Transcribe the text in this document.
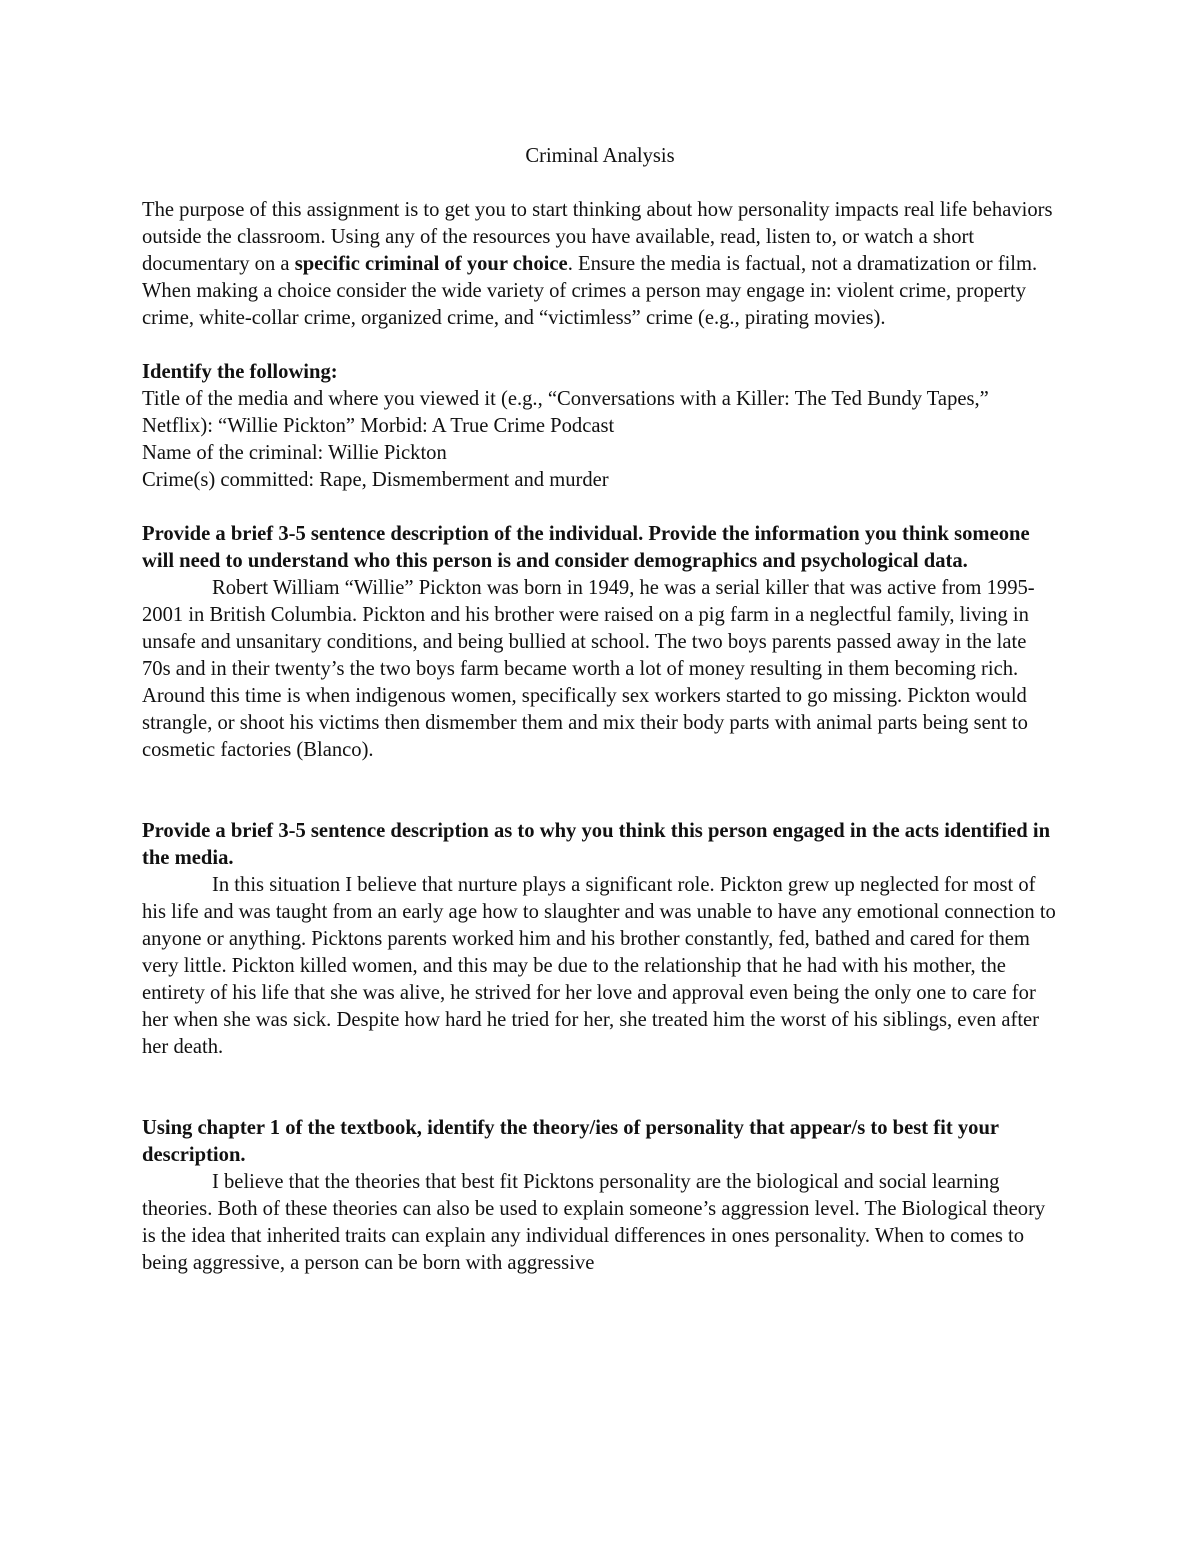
Criminal Analysis

The purpose of this assignment is to get you to start thinking about how personality impacts real life behaviors outside the classroom. Using any of the resources you have available, read, listen to, or watch a short documentary on a specific criminal of your choice. Ensure the media is factual, not a dramatization or film.

When making a choice consider the wide variety of crimes a person may engage in: violent crime, property crime, white-collar crime, organized crime, and “victimless” crime (e.g., pirating movies).

Identify the following:

Title of the media and where you viewed it (e.g., “Conversations with a Killer: The Ted Bundy Tapes,” Netflix): “Willie Pickton” Morbid: A True Crime Podcast

Name of the criminal: Willie Pickton

Crime(s) committed: Rape, Dismemberment and murder

Provide a brief 3-5 sentence description of the individual. Provide the information you think someone will need to understand who this person is and consider demographics and psychological data.

Robert William “Willie” Pickton was born in 1949, he was a serial killer that was active from 1995-2001 in British Columbia. Pickton and his brother were raised on a pig farm in a neglectful family, living in unsafe and unsanitary conditions, and being bullied at school. The two boys parents passed away in the late 70s and in their twenty’s the two boys farm became worth a lot of money resulting in them becoming rich. Around this time is when indigenous women, specifically sex workers started to go missing. Pickton would strangle, or shoot his victims then dismember them and mix their body parts with animal parts being sent to cosmetic factories (Blanco).

Provide a brief 3-5 sentence description as to why you think this person engaged in the acts identified in the media.

In this situation I believe that nurture plays a significant role. Pickton grew up neglected for most of his life and was taught from an early age how to slaughter and was unable to have any emotional connection to anyone or anything. Picktons parents worked him and his brother constantly, fed, bathed and cared for them very little. Pickton killed women, and this may be due to the relationship that he had with his mother, the entirety of his life that she was alive, he strived for her love and approval even being the only one to care for her when she was sick. Despite how hard he tried for her, she treated him the worst of his siblings, even after her death.

Using chapter 1 of the textbook, identify the theory/ies of personality that appear/s to best fit your description.

I believe that the theories that best fit Picktons personality are the biological and social learning theories. Both of these theories can also be used to explain someone’s aggression level. The Biological theory is the idea that inherited traits can explain any individual differences in ones personality. When to comes to being aggressive, a person can be born with aggressive
